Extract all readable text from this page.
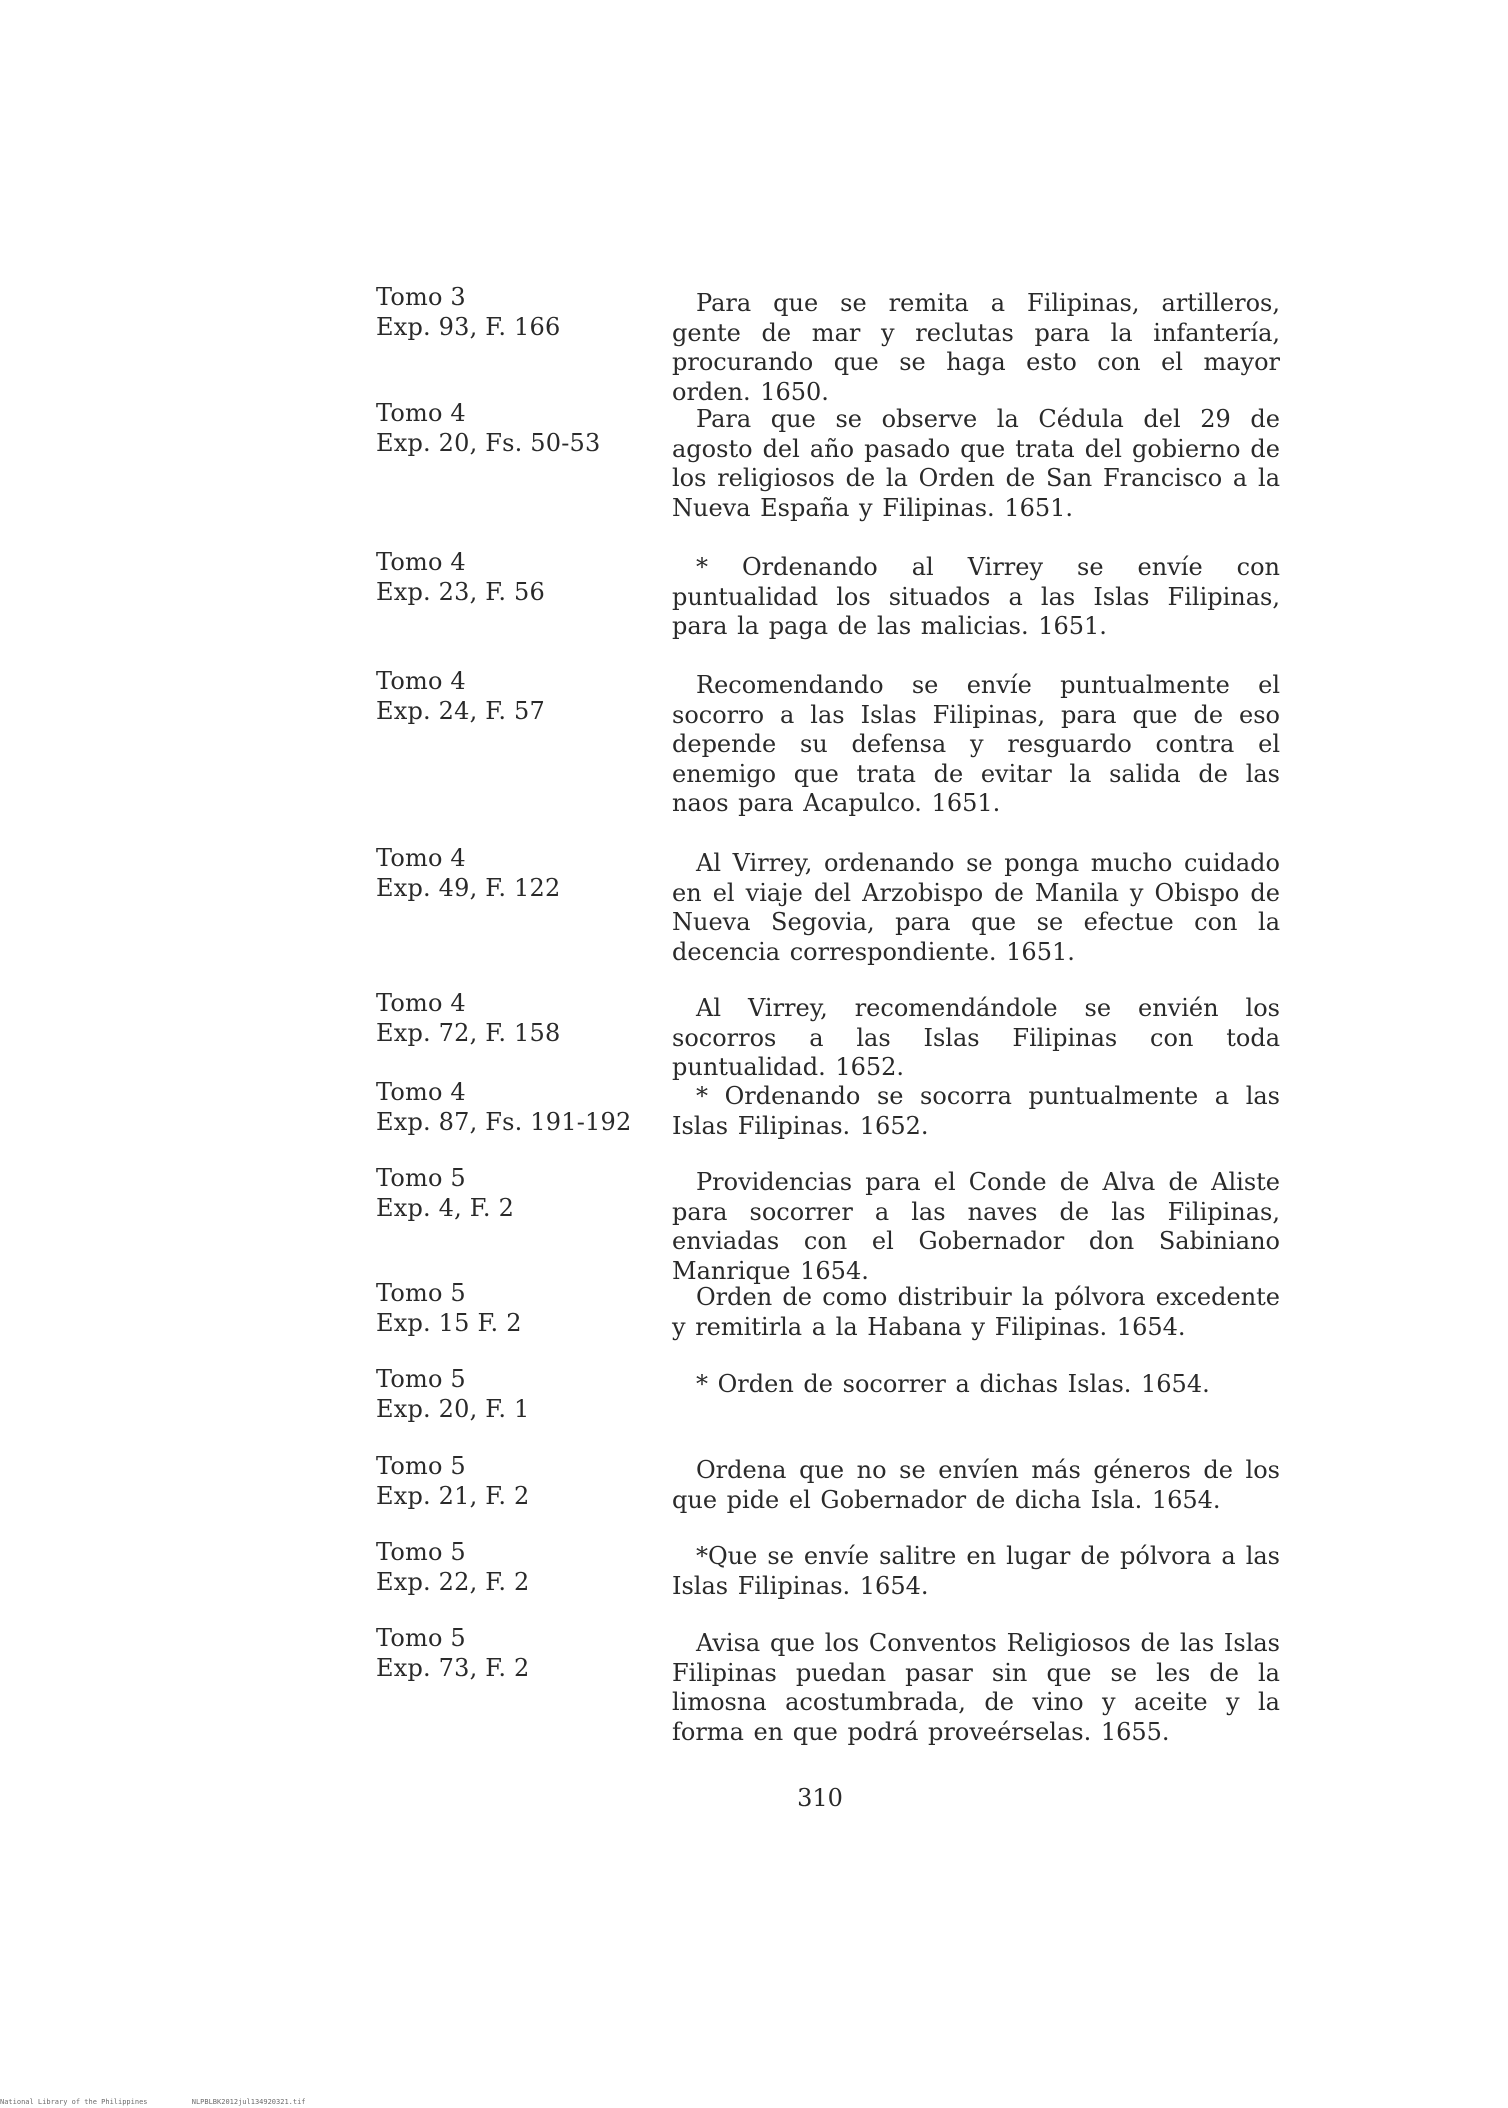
Tomo 3
Exp. 93, F. 166
Para que se remita a Filipinas, artilleros, gente de mar y reclutas para la infantería, procurando que se haga esto con el mayor orden. 1650.
Tomo 4
Exp. 20, Fs. 50-53
Para que se observe la Cédula del 29 de agosto del año pasado que trata del gobierno de los religiosos de la Orden de San Francisco a la Nueva España y Filipinas. 1651.
Tomo 4
Exp. 23, F. 56
* Ordenando al Virrey se envíe con puntualidad los situados a las Islas Filipinas, para la paga de las malicias. 1651.
Tomo 4
Exp. 24, F. 57
Recomendando se envíe puntualmente el socorro a las Islas Filipinas, para que de eso depende su defensa y resguardo contra el enemigo que trata de evitar la salida de las naos para Acapulco. 1651.
Tomo 4
Exp. 49, F. 122
Al Virrey, ordenando se ponga mucho cuidado en el viaje del Arzobispo de Manila y Obispo de Nueva Segovia, para que se efectue con la decencia correspondiente. 1651.
Tomo 4
Exp. 72, F. 158
Al Virrey, recomendándole se envién los socorros a las Islas Filipinas con toda puntualidad. 1652.
Tomo 4
Exp. 87, Fs. 191-192
* Ordenando se socorra puntualmente a las Islas Filipinas. 1652.
Tomo 5
Exp. 4, F. 2
Providencias para el Conde de Alva de Aliste para socorrer a las naves de las Filipinas, enviadas con el Gobernador don Sabiniano Manrique 1654.
Tomo 5
Exp. 15 F. 2
Orden de como distribuir la pólvora excedente y remitirla a la Habana y Filipinas. 1654.
Tomo 5
Exp. 20, F. 1
* Orden de socorrer a dichas Islas. 1654.
Tomo 5
Exp. 21, F. 2
Ordena que no se envíen más géneros de los que pide el Gobernador de dicha Isla. 1654.
Tomo 5
Exp. 22, F. 2
*Que se envíe salitre en lugar de pólvora a las Islas Filipinas. 1654.
Tomo 5
Exp. 73, F. 2
Avisa que los Conventos Religiosos de las Islas Filipinas puedan pasar sin que se les de la limosna acostumbrada, de vino y aceite y la forma en que podrá proveérselas. 1655.
310
National Library of the Philippines	NLPBLBK2012jul134920321.tif
